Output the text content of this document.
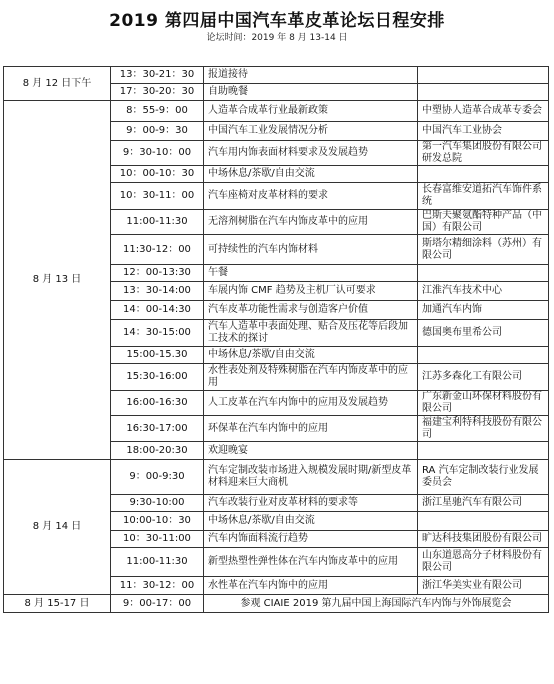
2019 第四届中国汽车革皮革论坛日程安排
论坛时间：2019 年 8 月 13-14 日
8 月 12 日下午	13：30-21：30	报道接待	
	17：30-20：30	自助晚餐	
8 月 13 日	8：55-9：00	人造革合成革行业最新政策	中塑协人造革合成革专委会
	9：00-9：30	中国汽车工业发展情况分析	中国汽车工业协会
	9：30-10：00	汽车用内饰表面材料要求及发展趋势	第一汽车集团股份有限公司研发总院
	10：00-10：30	中场休息/茶歇/自由交流	
	10：30-11：00	汽车座椅对皮革材料的要求	长春富维安道拓汽车饰件系统
	11:00-11:30	无溶剂树脂在汽车内饰皮革中的应用	巴斯夫聚氨酯特种产品（中国）有限公司
	11:30-12：00	可持续性的汽车内饰材料	斯塔尔精细涂料（苏州）有限公司
	12：00-13:30	午餐	
	13：30-14:00	车展内饰 CMF 趋势及主机厂认可要求	江淮汽车技术中心
	14：00-14:30	汽车皮革功能性需求与创造客户价值	加通汽车内饰
	14：30-15:00	汽车人造革中表面处理、贴合及压花等后段加工技术的探讨	德国奥布里希公司
	15:00-15.30	中场休息/茶歇/自由交流	
	15:30-16:00	水性表处剂及特殊树脂在汽车内饰皮革中的应用	江苏多森化工有限公司
	16:00-16:30	人工皮革在汽车内饰中的应用及发展趋势	广东新金山环保材料股份有限公司
	16:30-17:00	环保革在汽车内饰中的应用	福建宝利特科技股份有限公司
	18:00-20:30	欢迎晚宴	
8 月 14 日	9：00-9:30	汽车定制改装市场进入规模发展时期/新型皮革材料迎来巨大商机	RA 汽车定制改装行业发展委员会
	9:30-10:00	汽车改装行业对皮革材料的要求等	浙江星驰汽车有限公司
	10:00-10：30	中场休息/茶歇/自由交流	
	10：30-11:00	汽车内饰面料流行趋势	旷达科技集团股份有限公司
	11:00-11:30	新型热塑性弹性体在汽车内饰皮革中的应用	山东道恩高分子材料股份有限公司
	11：30-12：00	水性革在汽车内饰中的应用	浙江华美实业有限公司
8 月 15-17 日	9：00-17：00	参观 CIAIE 2019 第九届中国上海国际汽车内饰与外饰展览会	
